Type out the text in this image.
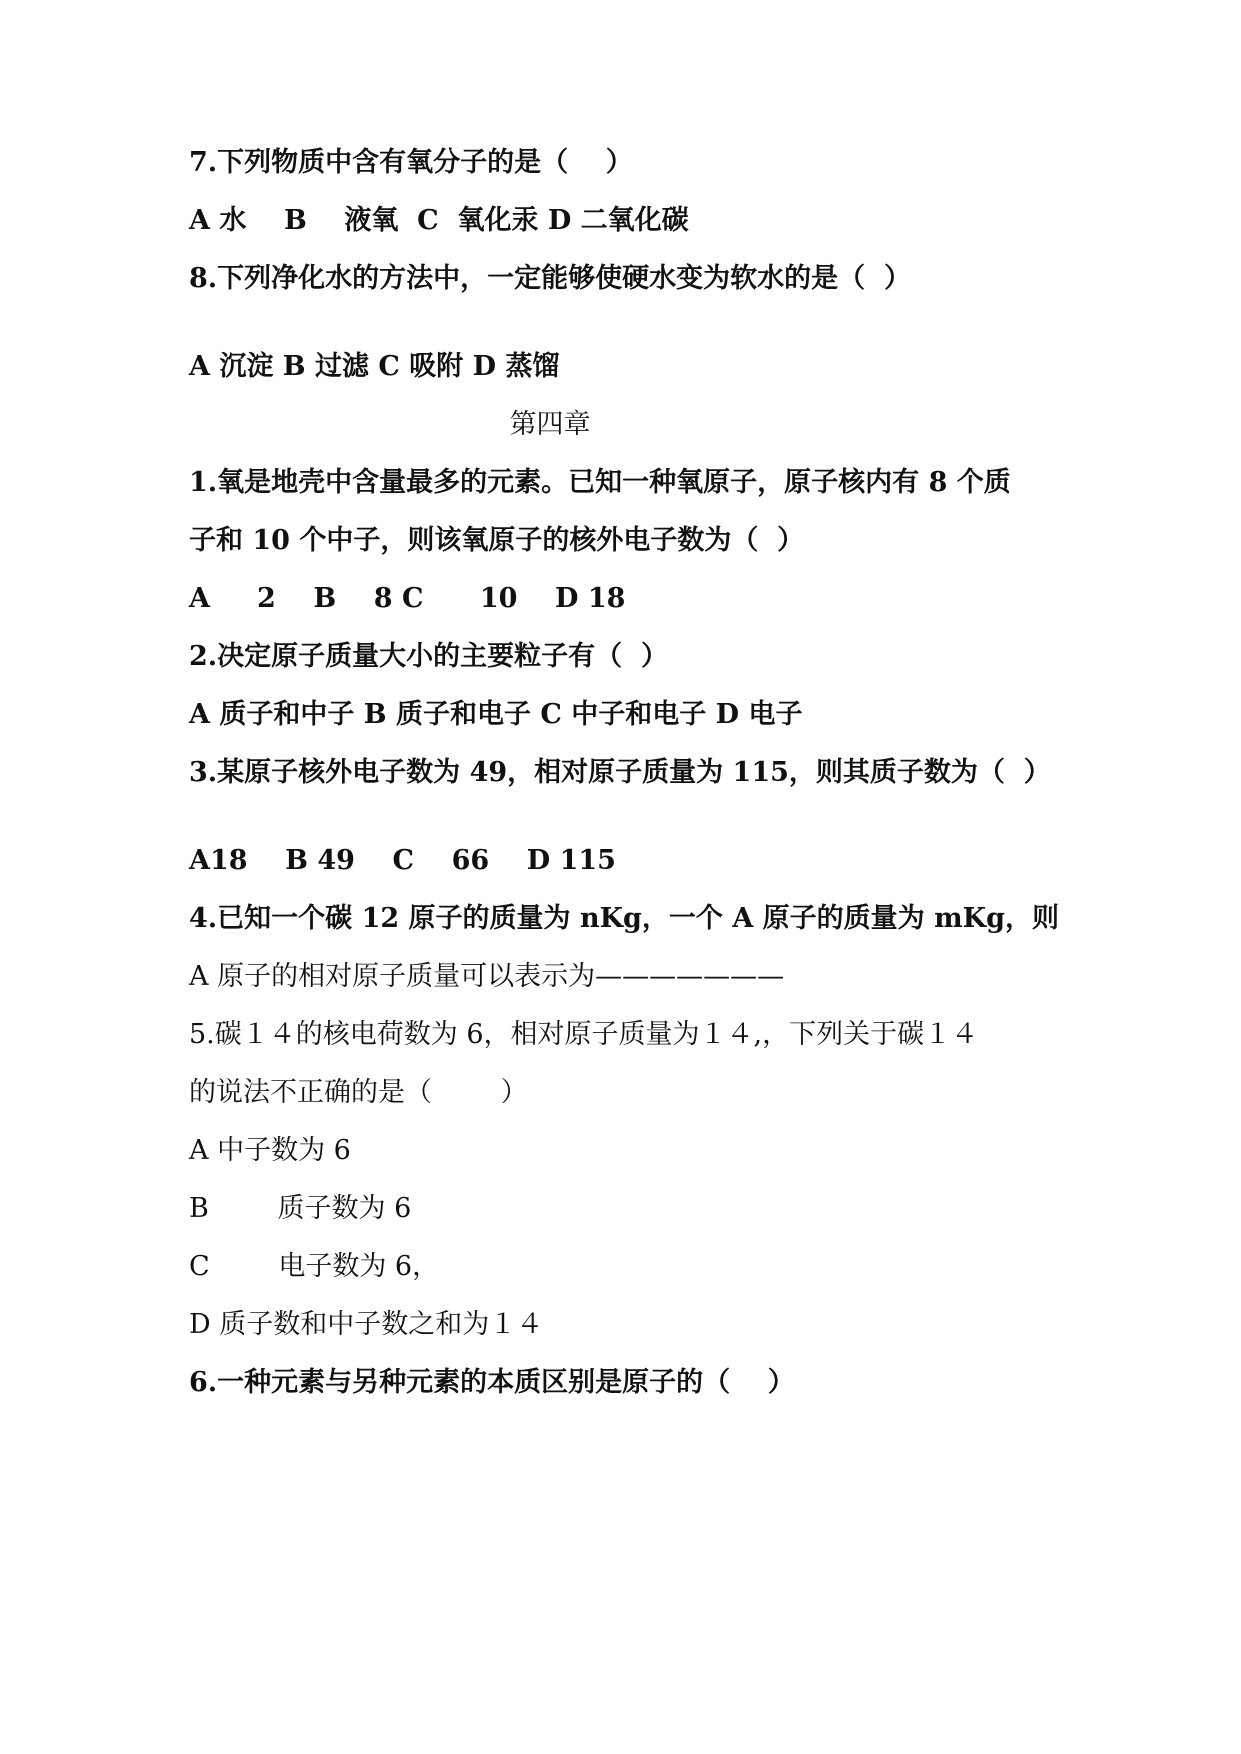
7.下列物质中含有氧分子的是（    ）
A 水    B    液氧  C  氧化汞 D 二氧化碳
8.下列净化水的方法中，一定能够使硬水变为软水的是（  ）
A 沉淀 B 过滤 C 吸附 D 蒸馏
第四章
1.氧是地壳中含量最多的元素。已知一种氧原子，原子核内有 8 个质
子和 10 个中子，则该氧原子的核外电子数为（  ）
A     2    B    8 C      10    D 18
2.决定原子质量大小的主要粒子有（  ）
A 质子和中子 B 质子和电子 C 中子和电子 D 电子
3.某原子核外电子数为 49，相对原子质量为 115，则其质子数为（  ）
A18    B 49    C    66    D 115
4.已知一个碳 12 原子的质量为 nKg，一个 A 原子的质量为 mKg，则
A 原子的相对原子质量可以表示为———————
5.碳１４的核电荷数为 6，相对原子质量为１４,，下列关于碳１４
的说法不正确的是（        ）
A 中子数为 6
B        质子数为 6
C        电子数为 6，
D 质子数和中子数之和为１４
6.一种元素与另种元素的本质区别是原子的（    ）
